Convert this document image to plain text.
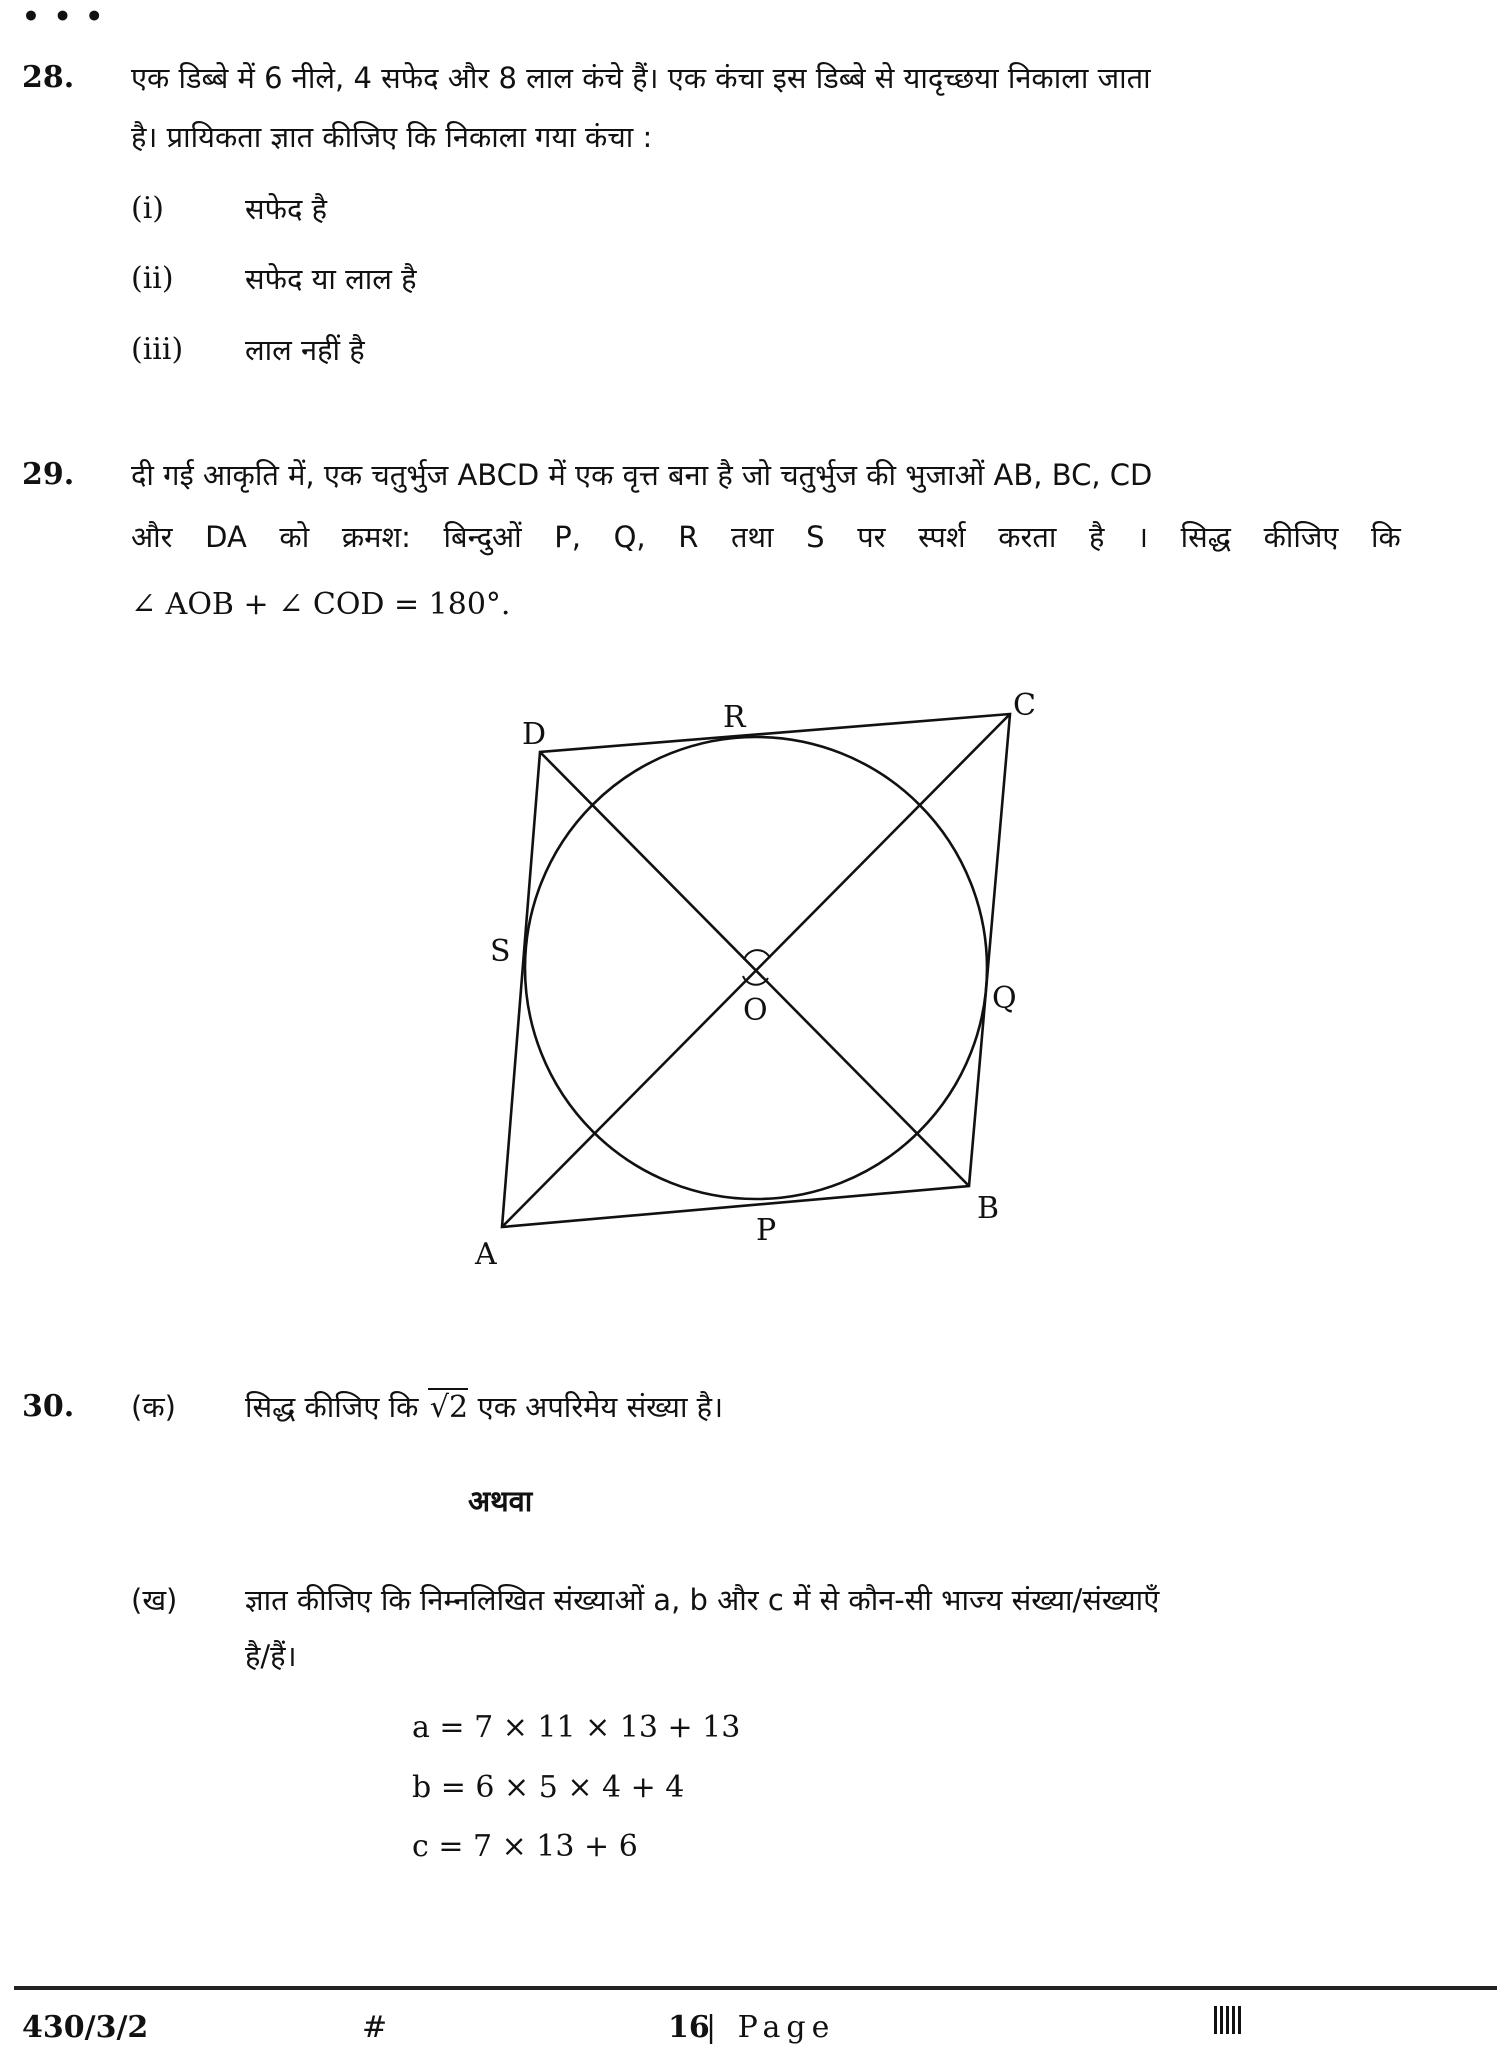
• • •
28. एक डिब्बे में 6 नीले, 4 सफेद और 8 लाल कंचे हैं। एक कंचा इस डिब्बे से यादृच्छया निकाला जाता
है। प्रायिकता ज्ञात कीजिए कि निकाला गया कंचा :
(i)	सफेद है
(ii) सफेद या लाल है
(iii) लाल नहीं है
29. दी गई आकृति में, एक चतुर्भुज ABCD में एक वृत्त बना है जो चतुर्भुज की भुजाओं AB, BC, CD
और DA को क्रमश: बिन्दुओं P, Q, R तथा S पर स्पर्श करता है । सिद्ध कीजिए कि
∠ AOB + ∠ COD = 180°.
D	R	C
S
O	Q
B
P
A
30. (क) सिद्ध कीजिए कि √2 एक अपरिमेय संख्या है।
अथवा
(ख) ज्ञात कीजिए कि निम्नलिखित संख्याओं a, b और c में से कौन-सी भाज्य संख्या/संख्याएँ
है/हैं।
a = 7 × 11 × 13 + 13
b = 6 × 5 × 4 + 4
c = 7 × 13 + 6
430/3/2	#	16
| Page
